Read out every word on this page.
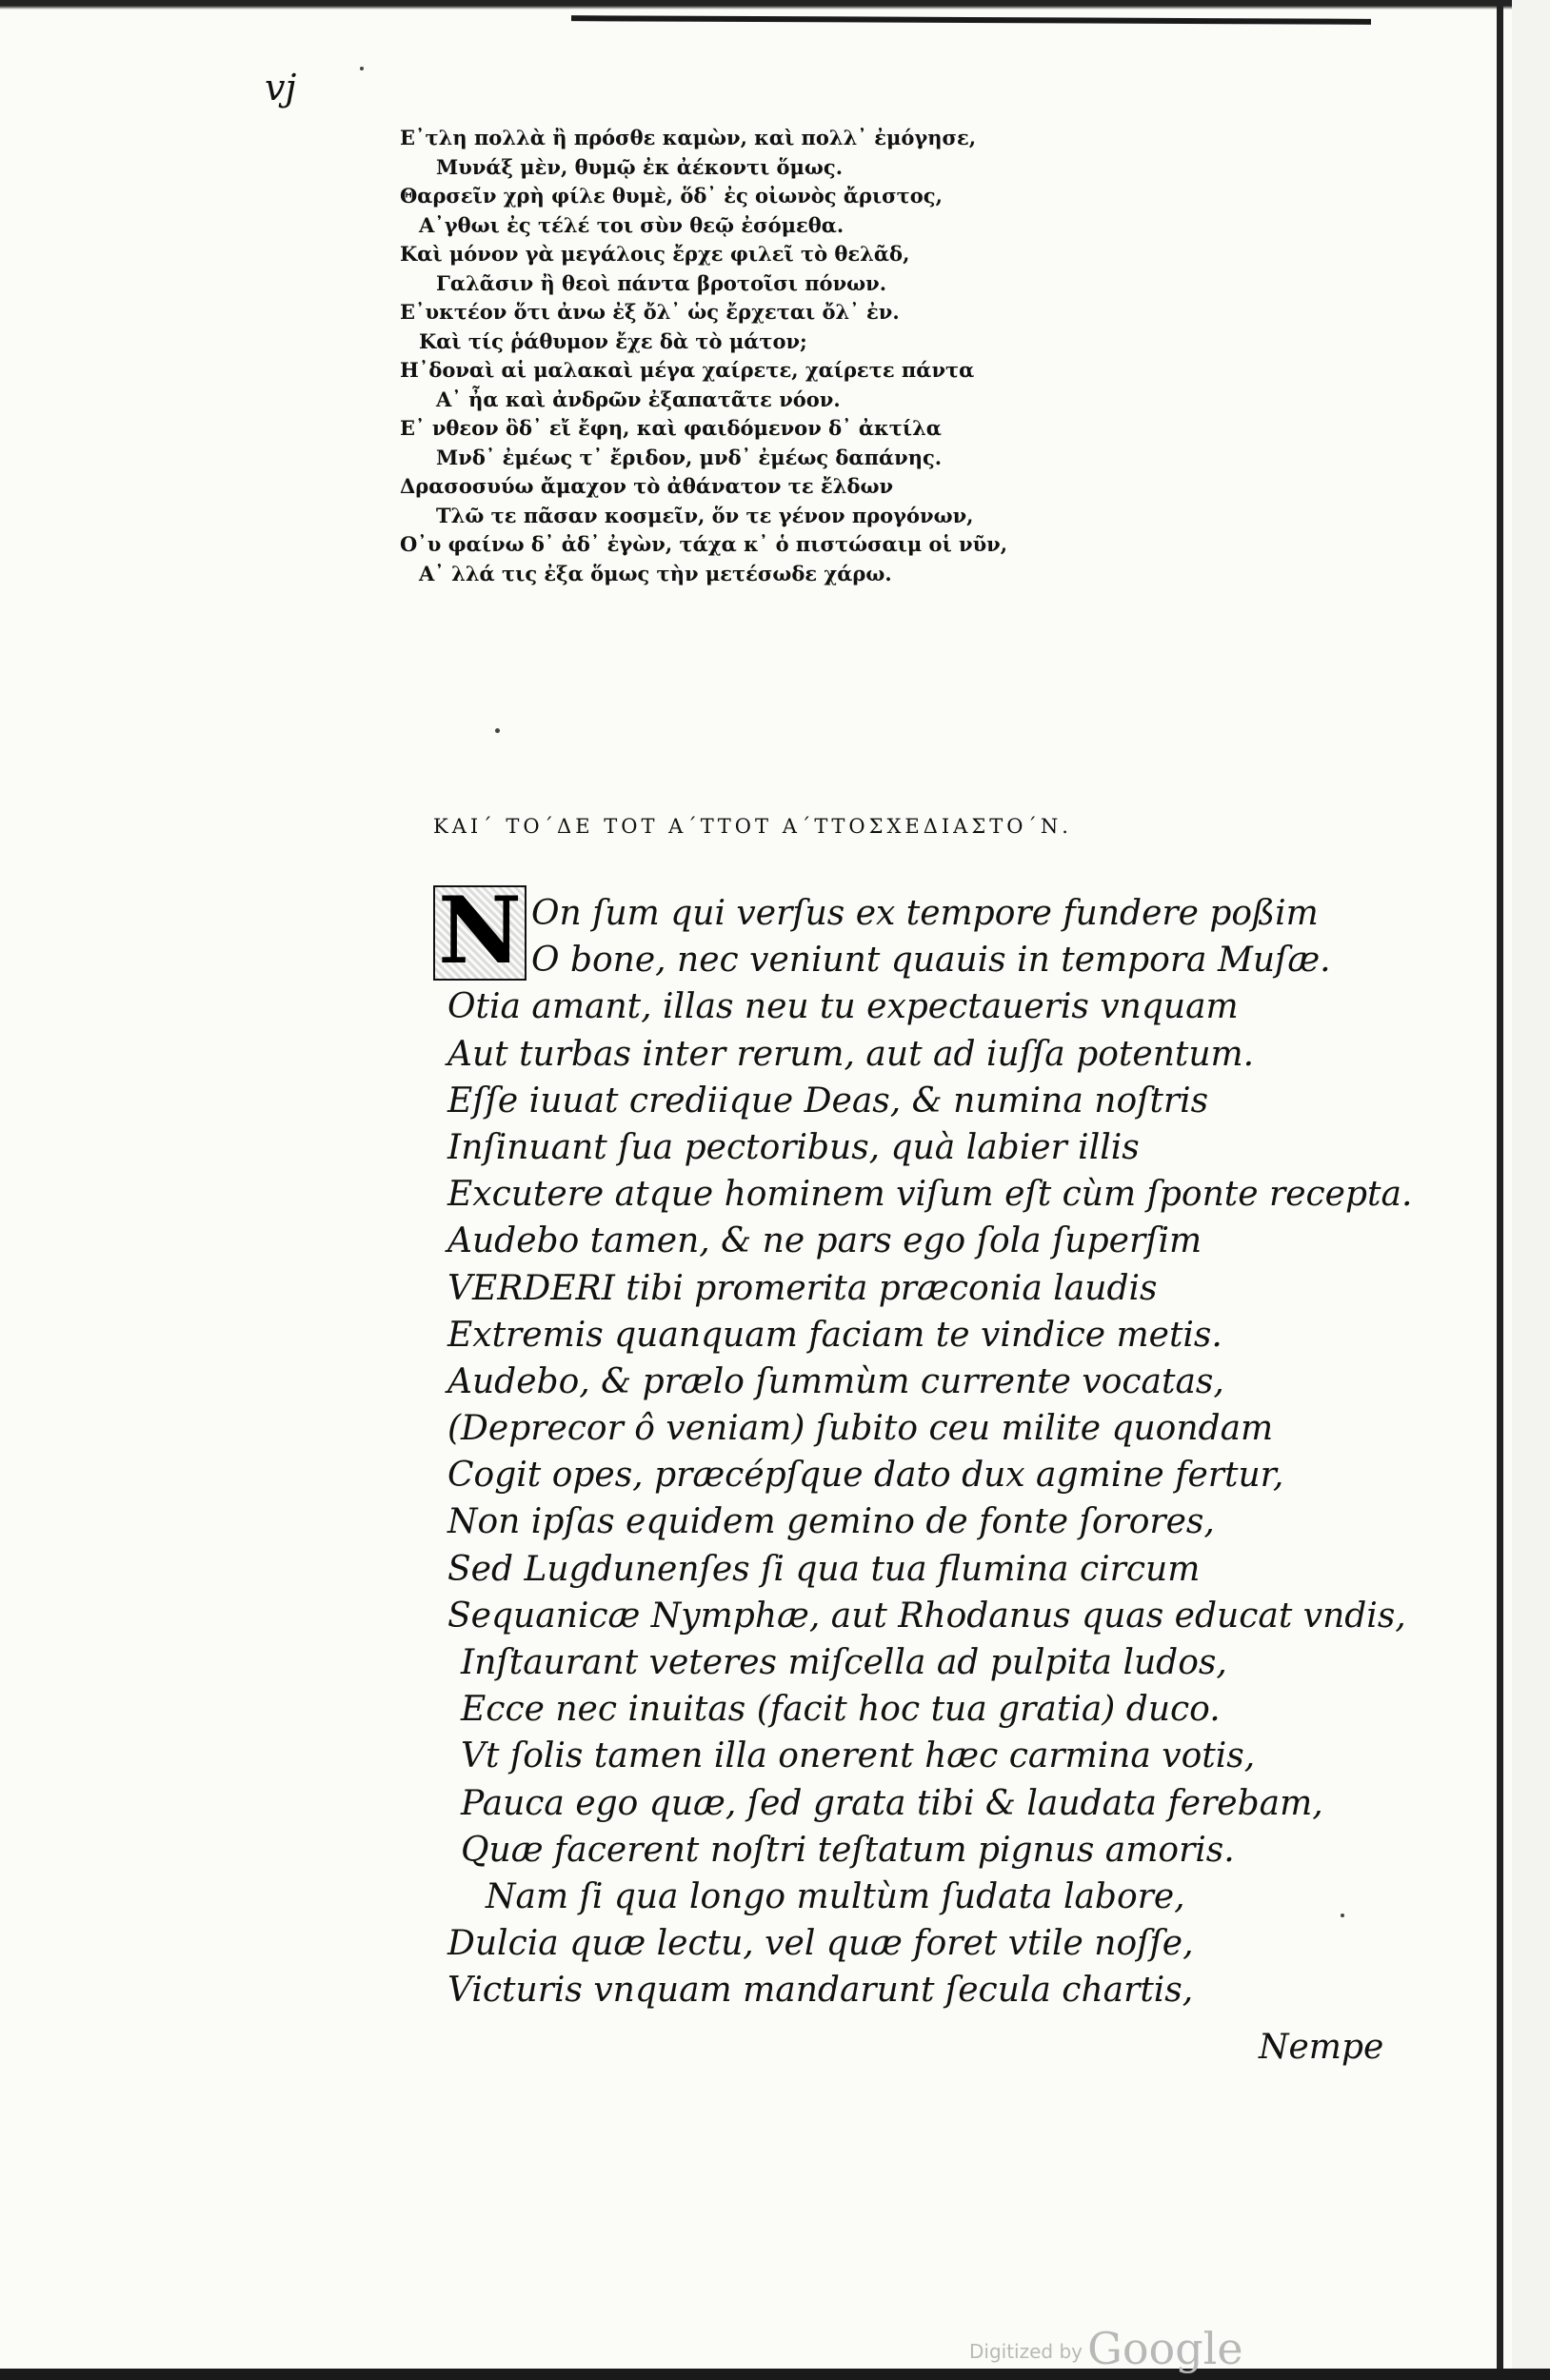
vj
Ε᾿τλη πολλὰ ἢ πρόσθε καμὼν, καὶ πολλ᾿ ἐμόγησε,
Μυνάξ μὲν, θυμῷ ἐκ ἀέκοντι ὅμως.
Θαρσεῖν χρὴ φίλε θυμὲ, ὅδ᾿ ἐς οἰωνὸς ἄριστος,
Α᾿γθωι ἐς τέλέ τοι σὺν θεῷ ἐσόμεθα.
Καὶ μόνον γὰ μεγάλοις ἔρχε φιλεῖ τὸ θελᾶδ,
Γαλᾶσιν ἢ θεοὶ πάντα βροτοῖσι πόνων.
Ε᾿υκτέον ὅτι ἀνω ἐξ ὄλ᾿ ὡς ἔρχεται ὄλ᾿ ἐν.
Καὶ τίς ῥάθυμον ἔχε δὰ τὸ μάτον;
Η᾿δοναὶ αἱ μαλακαὶ μέγα χαίρετε, χαίρετε πάντα
Α᾿ ἦα καὶ ἀνδρῶν ἐξαπατᾶτε νόον.
Ε᾿ νθεον ὃδ᾿ εἴ ἔφη, καὶ φαιδόμενον δ᾿ ἀκτίλα
Μνδ᾿ ἐμέως τ᾿ ἔριδον, μνδ᾿ ἐμέως δαπάνης.
Δρασοσυύω ἄμαχον τὸ ἀθάνατον τε ἔλδων
Τλῶ τε πᾶσαν κοσμεῖν, ὅν τε γένον προγόνων,
Ο᾿υ φαίνω δ᾿ ἀδ᾿ ἐγὼν, τάχα κ᾿ ὁ πιστώσαιμ οἱ νῦν,
Α᾿ λλά τις ἐξα ὅμως τὴν μετέσωδε χάρω.
ΚΑΙ΄ ΤΟ΄ΔΕ ΤΟΤ Α΄ΤΤΟΤ Α΄ΤΤΟΣΧΕΔΙΑΣΤΟ΄Ν.
N On ſum qui verſus ex tempore fundere poßim
O bone, nec veniunt quauis in tempora Muſæ.
Otia amant, illas neu tu expectaueris vnquam
Aut turbas inter rerum, aut ad iuſſa potentum.
Eſſe iuuat crediique Deas, & numina noſtris
Inſinuant ſua pectoribus, quà labier illis
Excutere atque hominem viſum eſt cùm ſponte recepta.
Audebo tamen, & ne pars ego ſola ſuperſim
VERDERI tibi promerita præconia laudis
Extremis quanquam faciam te vindice metis.
Audebo, & prælo ſummùm currente vocatas,
(Deprecor ô veniam) ſubito ceu milite quondam
Cogit opes, præcépſque dato dux agmine fertur,
Non ipſas equidem gemino de fonte ſorores,
Sed Lugdunenſes ſi qua tua flumina circum
Sequanicæ Nymphæ, aut Rhodanus quas educat vndis,
Inſtaurant veteres miſcella ad pulpita ludos,
Ecce nec inuitas (facit hoc tua gratia) duco.
Vt ſolis tamen illa onerent hæc carmina votis,
Pauca ego quæ, ſed grata tibi & laudata ferebam,
Quæ facerent noſtri teſtatum pignus amoris.
Nam ſi qua longo multùm ſudata labore,
Dulcia quæ lectu, vel quæ foret vtile noſſe,
Victuris vnquam mandarunt ſecula chartis,
Nempe
Digitized by Google
